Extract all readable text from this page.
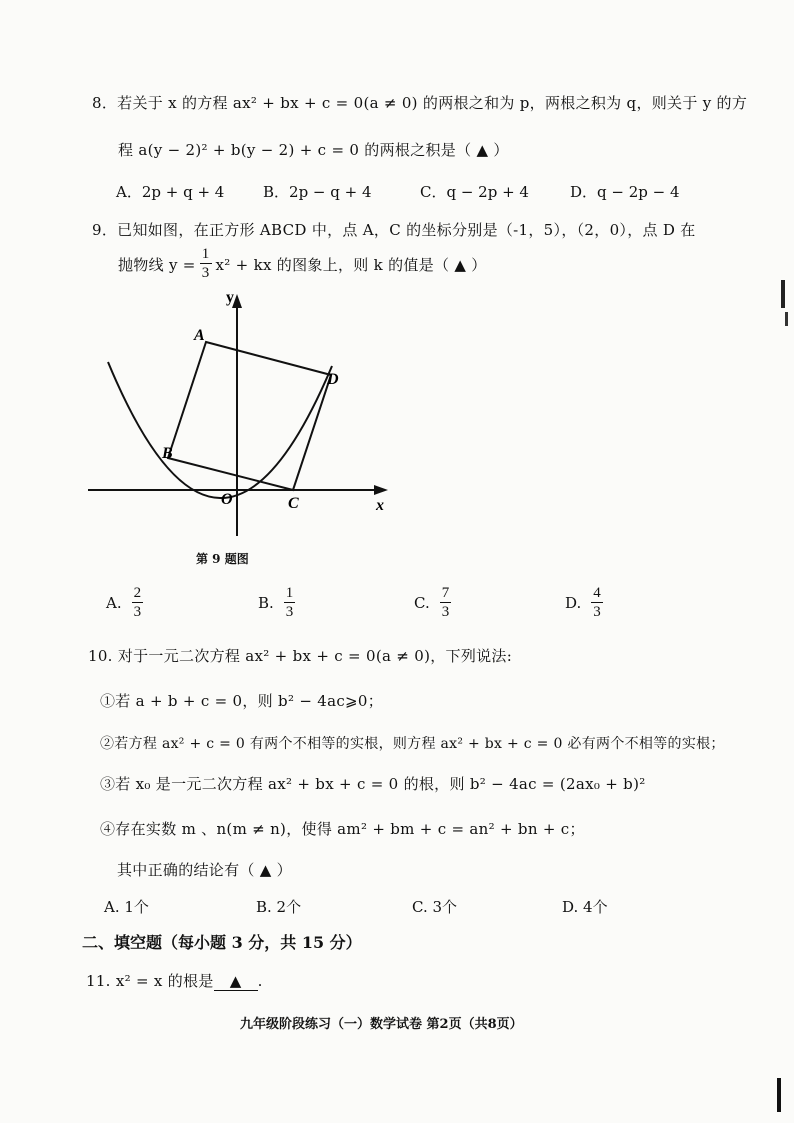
8．若关于 x 的方程 ax² + bx + c = 0(a ≠ 0) 的两根之和为 p，两根之积为 q，则关于 y 的方
程 a(y − 2)² + b(y − 2) + c = 0 的两根之积是（ ▲ ）
A．2p + q + 4	B．2p − q + 4	C．q − 2p + 4	D．q − 2p − 4
9．已知如图，在正方形 ABCD 中，点 A，C 的坐标分别是（-1，5），（2，0），点 D 在
抛物线 $y = \frac{1}{3} x^2$ + kx 的图象上，则 k 的值是（ ▲ ）
A
B
C
D
O	x
y
第 9 题图
A. $\frac{2}{3}$	B. $\frac{1}{3}$	C. $\frac{7}{3}$	D. $\frac{4}{3}$
10. 对于一元二次方程 ax² + bx + c = 0(a ≠ 0)，下列说法:
①若 a + b + c = 0，则 b² − 4ac⩾0；
②若方程 ax² + c = 0 有两个不相等的实根，则方程 ax² + bx + c = 0 必有两个不相等的实根；
③若 x₀ 是一元二次方程 ax² + bx + c = 0 的根，则 b² − 4ac = (2ax₀ + b)²
④存在实数 m 、n(m ≠ n)，使得 am² + bm + c = an² + bn + c；
其中正确的结论有（ ▲ ）
A. 1个	B. 2个	C. 3个	D. 4个
二、填空题（每小题 3 分，共 15 分）
11. x² = x 的根是 ▲ .
九年级阶段练习（一）数学试卷 第2页（共8页）
